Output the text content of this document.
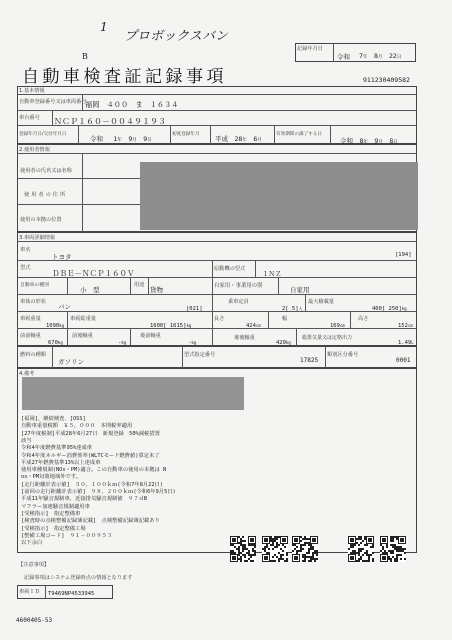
1
プロボックスバン
B
記録年月日
令和 7年 8月 22日
自動車検査証記録事項	911230409582
1.基本情報
自動車登録番号又は車両番号
福岡　４００　ま　１６３４
車台番号 ＮＣＰ１６０－００４９１９３
登録年月日/交付年月日
令和　 1年　 9月　 9日
初度登録年月
平成　 28年　 6月
有効期間の満了する日
令和　 8年　 9月　 8日
2.使用者情報
使用者の氏名又は名称
使用者の住所
使用の本拠の位置
3.車両詳細情報
車名
トヨタ	[194]
型式
ＤＢＥ－ＮＣＰ１６０Ｖ	原動機の型式
１ＮＺ
自動車の種別
小　型
用途
貨物	自家用・事業用の別	自家用
車体の形状
バン	[021]
乗車定員
2[ 5]人
最大積載量
400[ 250]kg
車両重量
1090kg
車両総重量
1600[ 1615]kg
長さ
424cm
幅
169cm
高さ
152cm
前前軸重
670kg
前後軸重
-kg
後前軸重
-kg
後後軸重
420kg
総排気量又は定格出力
1.49L
燃料の種類
ガソリン
型式指定番号
17825
類別区分番号
0001
4.備考
[福岡]，継続検査．[OSS]
自動車重量税額　￥５，０００　本則税率適用
[27年度税制]平成28年6月27日　新規登録　50%減税措置
該当
令和4年度燃費基準95%達成車
令和4年度ネルギー消費効率(WLTCモード燃費値)算定未了
平成27年燃費基準13%以上達成車
使用車種規制(NOx・PM)適合。この自動車の使用の本拠は N
ox・PM対策地域外です。
[走行距離計表示値]　５０，１００ｋｍ(令和7年8月22日)
[前回の走行距離計表示値]　９８，２００ｋｍ(令和6年9月5日)
平成11年騒音規制車，近接排気騒音規制値　９７ｄB
マフラー加速騒音規制適用車
[受検指示]　指定整備車
[検査時の点検整備記録簿記載]　点検整備記録簿記載あり
[受検指示]　指定整備工場
[整備工場コード]　９１－００９５３
以下余白
【注意事項】
記録事項はシステム登録時点の情報となります
車両ＩＤ T9469NP4533945
4600405-53
